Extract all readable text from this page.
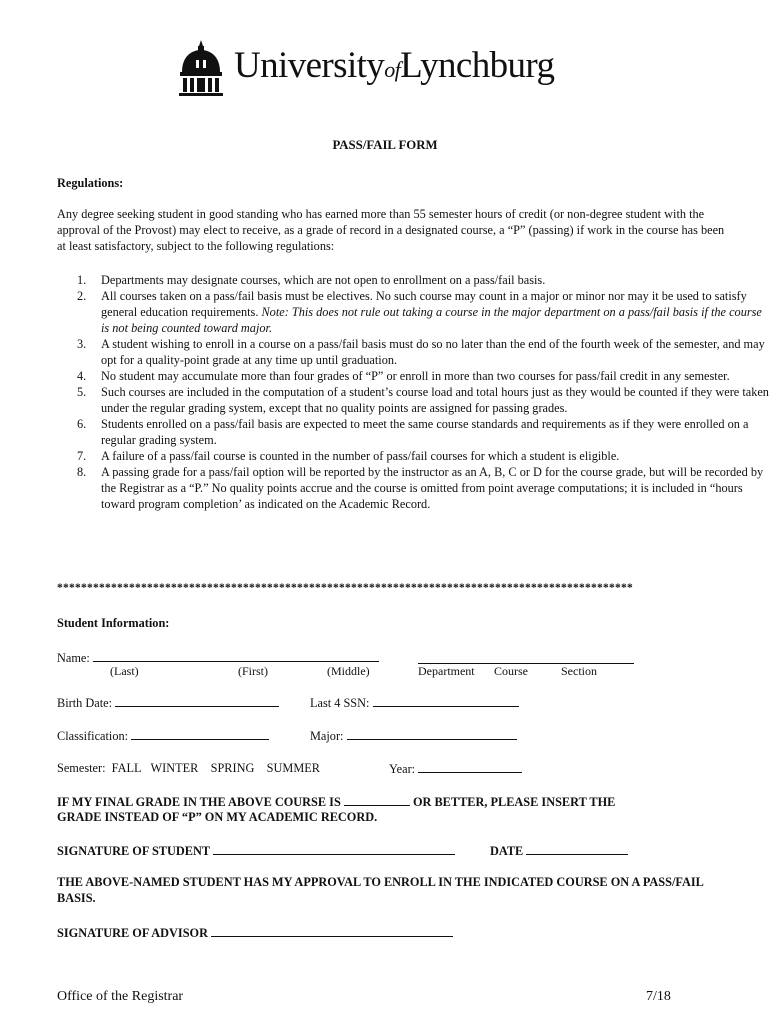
UniversityofLynchburg
PASS/FAIL FORM
Regulations:
Any degree seeking student in good standing who has earned more than 55 semester hours of credit (or non-degree student with the approval of the Provost) may elect to receive, as a grade of record in a designated course, a “P” (passing) if work in the course has been at least satisfactory, subject to the following regulations:
1. Departments may designate courses, which are not open to enrollment on a pass/fail basis.
2. All courses taken on a pass/fail basis must be electives. No such course may count in a major or minor nor may it be used to satisfy general education requirements. Note: This does not rule out taking a course in the major department on a pass/fail basis if the course is not being counted toward major.
3. A student wishing to enroll in a course on a pass/fail basis must do so no later than the end of the fourth week of the semester, and may opt for a quality-point grade at any time up until graduation.
4. No student may accumulate more than four grades of “P” or enroll in more than two courses for pass/fail credit in any semester.
5. Such courses are included in the computation of a student’s course load and total hours just as they would be counted if they were taken under the regular grading system, except that no quality points are assigned for passing grades.
6. Students enrolled on a pass/fail basis are expected to meet the same course standards and requirements as if they were enrolled on a regular grading system.
7. A failure of a pass/fail course is counted in the number of pass/fail courses for which a student is eligible.
8. A passing grade for a pass/fail option will be reported by the instructor as an A, B, C or D for the course grade, but will be recorded by the Registrar as a “P.” No quality points accrue and the course is omitted from point average computations; it is included in “hours toward program completion’ as indicated on the Academic Record.
************************************************************************************************
Student Information:
Name:
(Last)	(First)	(Middle)	Department Course	Section
Birth Date:	Last 4 SSN:
Classification:	Major:
Semester: FALL WINTER SPRING SUMMER	Year:
IF MY FINAL GRADE IN THE ABOVE COURSE IS	OR BETTER, PLEASE INSERT THE
GRADE INSTEAD OF “P” ON MY ACADEMIC RECORD.
SIGNATURE OF STUDENT	DATE
THE ABOVE-NAMED STUDENT HAS MY APPROVAL TO ENROLL IN THE INDICATED COURSE ON A PASS/FAIL BASIS.
SIGNATURE OF ADVISOR
Office of the Registrar	7/18
